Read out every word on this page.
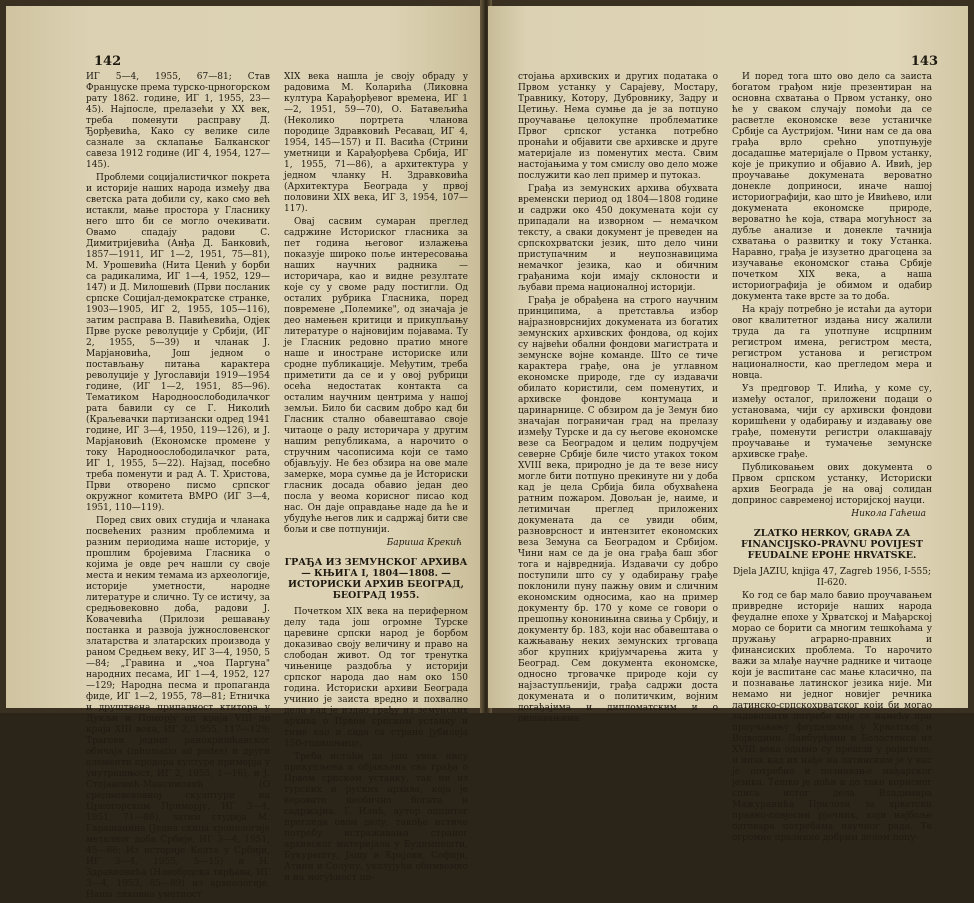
142

ИГ 5—4, 1955, 67—81; Став Француске према турско-црногорском рату 1862. године, ИГ 1, 1955, 23—45). Најпосле, прелазећи у XX век, треба поменути расправу Д. Ђорђевића, Како су велике силе сазнале за склапање Балканског савеза 1912 године (ИГ 4, 1954, 127—145).

Проблеми социјалистичког покрета и историје наших народа између два светска рата добили су, како смо већ истакли, мање простора у Гласнику него што би се могло очекивати. Овамо спадају радови С. Димитријевића (Анђа Д. Банковић, 1857—1911, ИГ 1—2, 1951, 75—81), М. Урошевића (Нита Ценић у борби са радикалима, ИГ 1—4, 1952, 129—147) и Д. Милошевић (Први посланик српске Социјал-демократске странке, 1903—1905, ИГ 2, 1955, 105—116), затим расправа В. Павићевића, Одјек Прве руске револуције у Србији, (ИГ 2, 1955, 5—39) и чланак Ј. Марјановића, Још једном о постављању питања карактера револуције у Југославији 1919—1954 године, (ИГ 1—2, 1951, 85—96). Тематиком Народноослободилачког рата бавили су се Г. Николић (Краљевачки партизански одред 1941 године, ИГ 3—4, 1950, 119—126), и Ј. Марјановић (Економске промене у току Народноослободилачког рата, ИГ 1, 1955, 5—22). Најзад, посебно треба поменути и рад А. Т. Христова, Први отворено писмо српског окружног комитета ВМРО (ИГ 3—4, 1951, 110—119).

Поред свих ових студија и чланака посвећених разним проблемима и разним периодима наше историје, у прошлим бројевима Гласника о којима је овде реч нашли су своје места и неким темама из археологије, историје уметности, народне литературе и слично. Ту се истичу, за средњовековно доба, радови Ј. Ковачевића (Прилози решавању постанка и развоја јужнословенског златарства и златарских производа у раном Средњем веку, ИГ 3—4, 1950, 5—84; „Гравина и „чоа Паргуна" народних песама, ИГ 1—4, 1952, 127—129; Народна песма и пропаганда фиде, ИГ 1—2, 1955, 78—81; Етничка и друштвена припадност ктитора у Дукљи и Поморју од краја VIII до краја XIII века, ИГ 2, 1955, 117—129; Трагови једног ранохришћанског обичаја (inhumatio ad pedes) и други елементи продора културе приморја у унутрашњост, ИГ 2, 1955, 1—16), и Ј. Стојановић-Максимовић (О средњовековној скулптури на Црногорском Приморју, ИГ 3—4, 1951, 71—86), затим студија М. Гарашанина (Једна скица хронологије металног доба Србије, ИГ 3—4, 1951, 45—66; Из историје Келта у Србији, ИГ 3—4, 1955, 5—15) и Н. Здравковића (Новобрдска тврђава, ИГ 3—4, 1953, 85—89) из археологије. Наша ликовна уметност

XIX века нашла је своју обраду у радовима М. Коларића (Ликовна култура Карађорђевог времена, ИГ 1—2, 1951, 59—70), О. Батавељића (Неколико портрета чланова породице Здравковић Ресавац, ИГ 4, 1954, 145—157) и П. Васића (Стрини уметници и Карађорђева Србија, ИГ 1, 1955, 71—86), а архитектура у једном чланку Н. Здравковића (Архитектура Београда у првој половини XIX века, ИГ 3, 1954, 107—117).

Овај сасвим сумаран преглед садржине Историског гласника за пет година његовог излажења показује широко поље интересовања наших научних радника — историчара, као и видне резултате које су у своме раду постигли. Од осталих рубрика Гласника, поред повремене „Полемике", од значаја је део намењен критици и прикупљању литературе о најновијим појавама. Ту је Гласник редовно пратио многе наше и иностране историске или сродне публикације. Међутим, треба приметити да се и у овој рубрици осећа недостатак контакта са осталим научним центрима у нашој земљи. Било би сасвим добро кад би Гласник стално обавештавао своје читаоце о раду историчара у другим нашим републикама, а нарочито о стручним часописима који се тамо објављују. Не без обзира на ове мале замерке, мора сумње да је Историски гласник досада обавио један део посла у веома корисног писао код нас. Он даје оправдање наде да ће и убудуће његов лик и садржај бити све бољи и све потпунији.

Бариша Крекић
ГРАЂА ИЗ ЗЕМУНСКОГ АРХИВА — КЊИГА I, 1804—1808. — ИСТОРИСКИ АРХИВ БЕОГРАД, БЕОГРАД 1955.

Почетком XIX века на периферном делу тада још огромне Турске царевине српски народ је борбом доказивао своју величину и право на слободан живот. Од тог тренутка чињенице раздобља у историји српског народа дао нам око 150 година. Историски архиви Београда учинио је заиста вредно и похвално дело кад је издао грађу из земунских архива о Првом српском устанку и тиме као и сада са стране јубилеја 150-годишњице.

Треба истаћи да још увек нису прикупљена и објављена сва грађа о Првом српском устанку, так ни из турских и руских архива, која је веровато необично богата и садржајна. Т. Илић, аутор оппштог прегледа овом делу, такође истиче потребу истраживања страног архивског материјала у Будимпешти, Букурешту, Јашу и Крајови, Софији, Атини и Солуну, указујући обимвемио и на могућност по-

143

стојања архивских и других података о Првом устанку у Сарајеву, Мостару, Травнику, Котору, Дубровнику, Задру и Цетињу. Нема сумње да је за потпуно проучавање целокупне проблематике Првог српског устанка потребно пронаћи и објавити све архивске и друге материјале из поменутих места. Свим настојањима у том смислу ово дело може послужити као леп пример и путоказ.

Грађа из земунских архива обухвата временски период од 1804—1808 године и садржи око 450 докумената који су припадали на изворном — немачком тексту, а сваки документ је преведен на српскохрватски језик, што дело чини приступачним и неупознавицима немачког језика, као и обичним грађанима који имају склоности и љубави према националној историји.

Грађа је обрађена на строго научним принципима, а претставља избор најразноврснијих докумената из богатих земунских архивских фондова, од којих су највећи обални фондови магистрата и земунске војне команде. Што се тиче карактера грађе, она је углавном економске природе, где су издавачи обилато користили, сем поменутих, и архивске фондове контумаца и царинарнице. С обзиром да је Земун био значајан пограничан град на прелазу између Турске и да су његове економске везе са Београдом и целим подручјем северне Србије биле чисто утакох током XVIII века, природно је да те везе нису могле бити потпуно прекинуте ни у доба кад је цела Србија била обухваћена ратним пожаром. Довољан је, наиме, и летимичан преглед приложених докумената да се увиди обим, разноврсност и интензитет економских веза Земуна са Београдом и Србијом. Чини нам се да је она грађа баш због тога и највреднија. Издавачи су добро поступили што су у одабирању грађе поклонили пуну пажњу овим и сличним економским односима, као на пример документу бр. 170 у коме се говори о прешопњу кононињина свиња у Србију, и документу бр. 183, који нас обавештава о кажњавању неких земунских трговаца због крупних кријумчарења жита у Београд. Сем документа економске, односно трговачке природе који су најзаступљенији, грађа садржи доста докумената и о политичким, војним догађајима и дипломатским и о дешавањима.

И поред тога што ово дело са заиста богатом грађом није презентиран на основна схватања о Првом устанку, оно ће у сваком случају помоћи да се расветле економске везе устаничке Србије са Аустријом. Чини нам се да ова грађа врло срећно употпуњује досадашње материјале о Првом устанку, које је прикупио и објавио А. Ивић, јер проучавање докумената вероватно донекле доприноси, иначе нашој историографији, као што је Ивићево, или докумената економске природе, вероватно ће која, ствара могућност за дубље анализе и донекле тачнија схватања о развитку и току Устанка. Наравно, грађа је изузетно драгоцена за изучавање економског стања Србије почетком XIX века, а наша историографија је обимом и одабир документа таке врсте за то доба.

На крају потребно је истаћи да аутори овог квалитетног издања нису жалили труда да га употпуне исцрпним регистром имена, регистром места, регистром установа и регистром националности, као прегледом мера и новца.

Уз предговор Т. Илића, у коме су, између осталог, приложени подаци о установама, чији су архивски фондови коришћени у одабирању и издавању ове грађе, поменути регистри олакшавају проучавање и тумачење земунске архивске грађе.

Публиковањем ових документа о Првом српском устанку, Историски архив Београда је на овај солидан допринос савременој историјској науци.

Никола Гаћеша
ZLATKO HERKOV, GRAĐA ZA FINANCIJSKO-PRAVNU POVIJEST FEUDALNE EPOHE HRVATSKE.

Djela JAZIU, knjiga 47, Zagreb 1956, I-555; II-620.

Ко год се бар мало бавио проучавањем привредне историје наших народа феудалне епохе у Хрватској и Мађарској мораo се борити са многим тешкоћама у пружању аграрно-правних и финансиских проблема. То нарочито важи за млађе научне раднике и читаоце који је васпитане сас мање класично, па и познавање латинског језика није. Ми немамо ни једног новијег речника латинско-српскохрватског који би могао задовољити потребе које се намећу при проучавању феудализма у Хрватској и Војводини. Лаибурђвни и Болостенсн из XVIII века одавно су прешли у раритете, и ипак кад их нађе на латинским је у нас је потребно и познавање мађарског језика. Тешко је доћи и до тако корисног списа истог дела Владимира Мажуранића Прилози за хрватски правно-повјесни рјечник, који најбоље одговара потребама научног рада. Те огромне празнине добрим делом попу-
